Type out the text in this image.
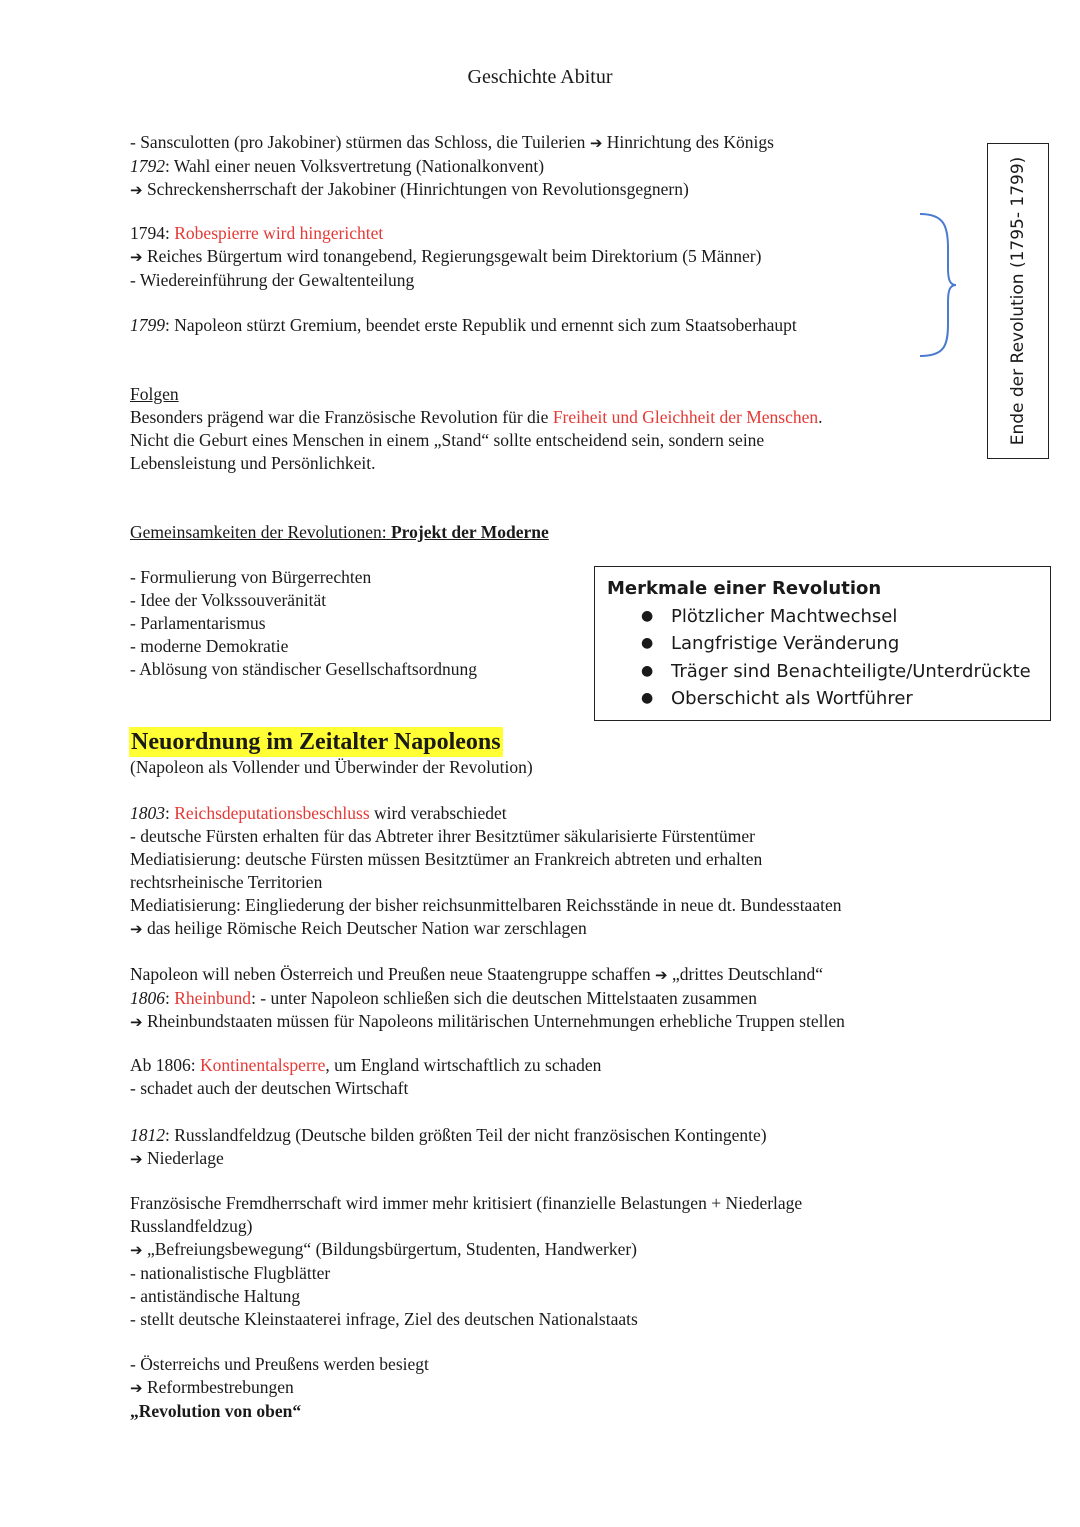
Geschichte Abitur
- Sansculotten (pro Jakobiner) stürmen das Schloss, die Tuilerien ➔ Hinrichtung des Königs
1792: Wahl einer neuen Volksvertretung (Nationalkonvent)
➔ Schreckensherrschaft der Jakobiner (Hinrichtungen von Revolutionsgegnern)
1794: Robespierre wird hingerichtet
➔ Reiches Bürgertum wird tonangebend, Regierungsgewalt beim Direktorium (5 Männer)
- Wiedereinführung der Gewaltenteilung
1799: Napoleon stürzt Gremium, beendet erste Republik und ernennt sich zum Staatsoberhaupt	Ende der Revolution (1795- 1799)
Folgen
Besonders prägend war die Französische Revolution für die Freiheit und Gleichheit der Menschen.
Nicht die Geburt eines Menschen in einem „Stand“ sollte entscheidend sein, sondern seine
Lebensleistung und Persönlichkeit.
Gemeinsamkeiten der Revolutionen: Projekt der Moderne
- Formulierung von Bürgerrechten
- Idee der Volkssouveränität
- Parlamentarismus
- moderne Demokratie
- Ablösung von ständischer Gesellschaftsordnung
Merkmale einer Revolution
● Plötzlicher Machtwechsel
● Langfristige Veränderung
● Träger sind Benachteiligte/Unterdrückte
● Oberschicht als Wortführer
Neuordnung im Zeitalter Napoleons
(Napoleon als Vollender und Überwinder der Revolution)
1803: Reichsdeputationsbeschluss wird verabschiedet
- deutsche Fürsten erhalten für das Abtreter ihrer Besitztümer säkularisierte Fürstentümer
Mediatisierung: deutsche Fürsten müssen Besitztümer an Frankreich abtreten und erhalten
rechtsrheinische Territorien
Mediatisierung: Eingliederung der bisher reichsunmittelbaren Reichsstände in neue dt. Bundesstaaten
➔ das heilige Römische Reich Deutscher Nation war zerschlagen
Napoleon will neben Österreich und Preußen neue Staatengruppe schaffen ➔ „drittes Deutschland“
1806: Rheinbund: - unter Napoleon schließen sich die deutschen Mittelstaaten zusammen
➔ Rheinbundstaaten müssen für Napoleons militärischen Unternehmungen erhebliche Truppen stellen
Ab 1806: Kontinentalsperre, um England wirtschaftlich zu schaden
- schadet auch der deutschen Wirtschaft
1812: Russlandfeldzug (Deutsche bilden größten Teil der nicht französischen Kontingente)
➔ Niederlage
Französische Fremdherrschaft wird immer mehr kritisiert (finanzielle Belastungen + Niederlage
Russlandfeldzug)
➔ „Befreiungsbewegung“ (Bildungsbürgertum, Studenten, Handwerker)
- nationalistische Flugblätter
- antiständische Haltung
- stellt deutsche Kleinstaaterei infrage, Ziel des deutschen Nationalstaats
- Österreichs und Preußens werden besiegt
➔ Reformbestrebungen
„Revolution von oben“
